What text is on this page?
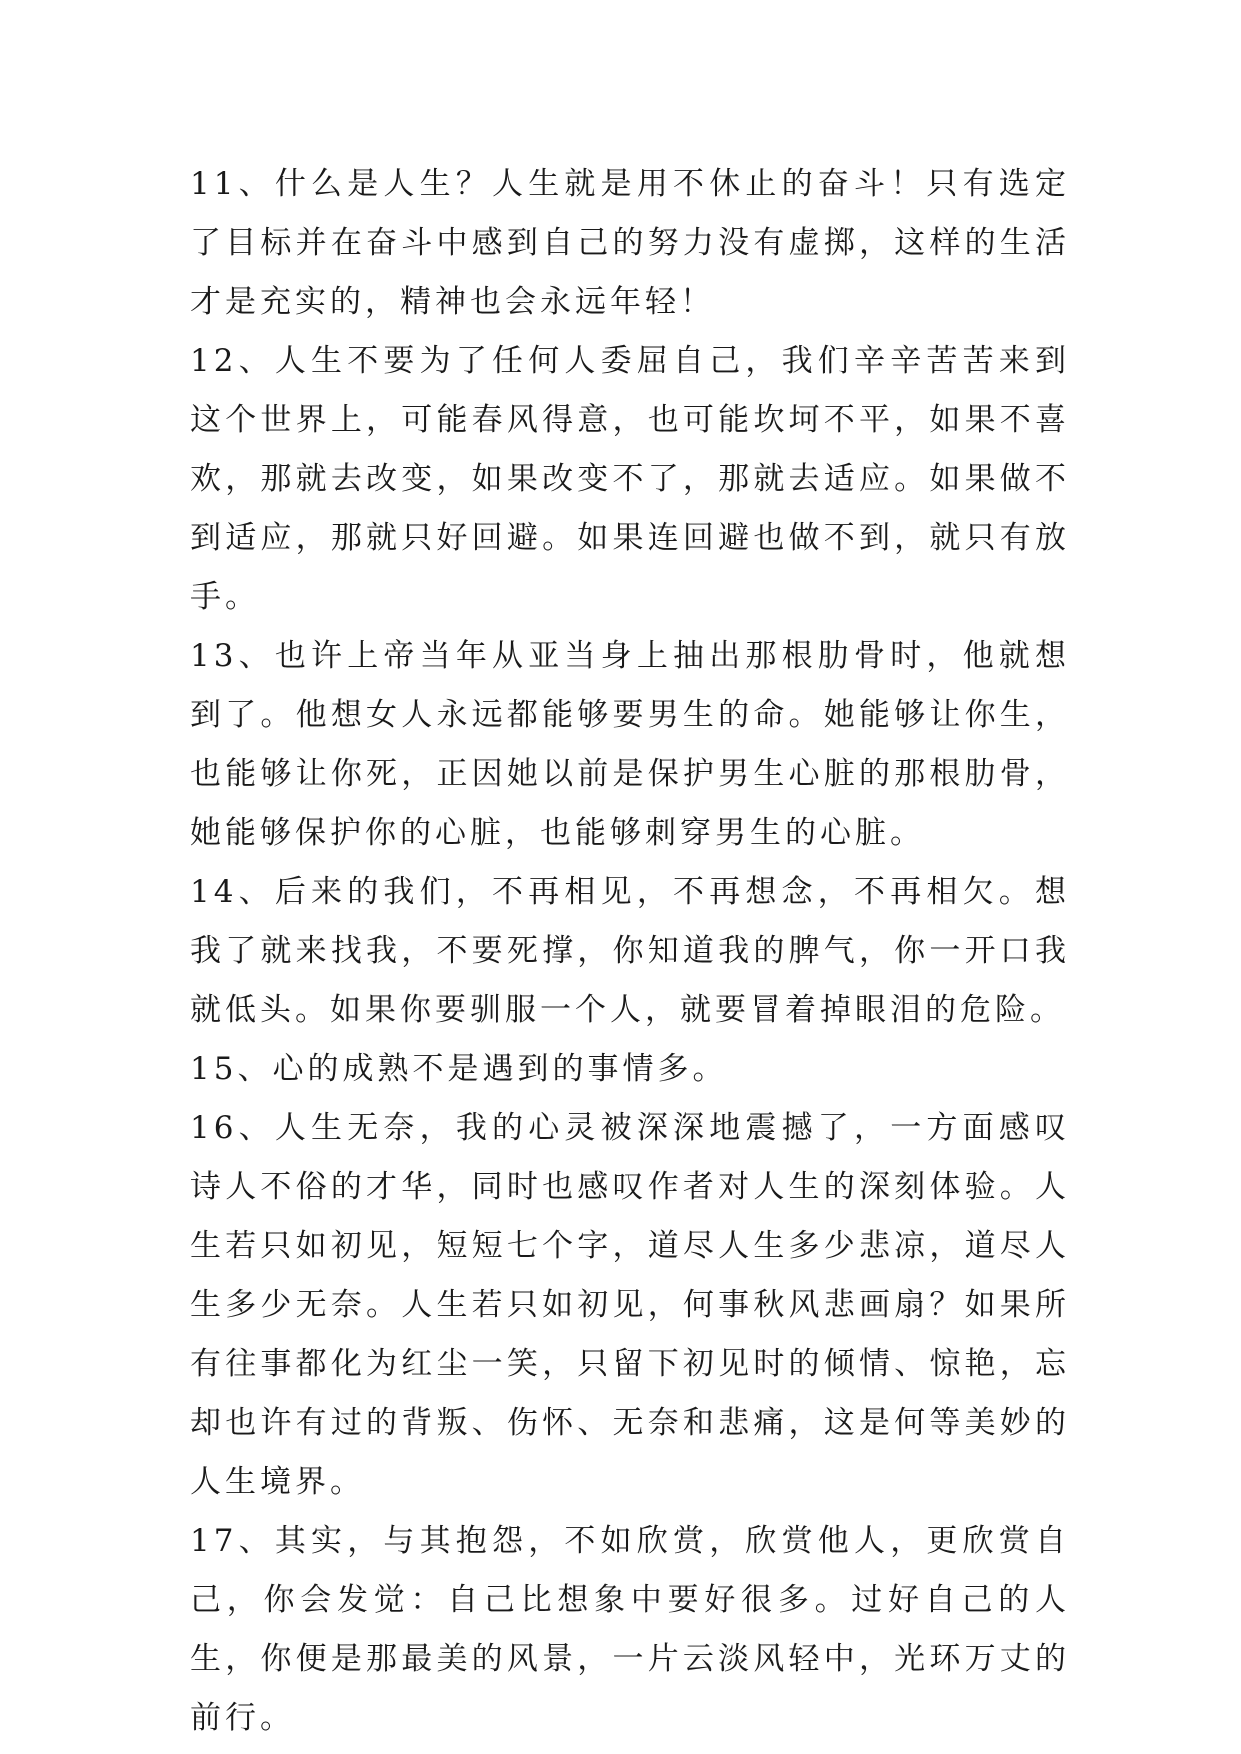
11、什么是人生？人生就是用不休止的奋斗！只有选定了目标并在奋斗中感到自己的努力没有虚掷，这样的生活才是充实的，精神也会永远年轻！

12、人生不要为了任何人委屈自己，我们辛辛苦苦来到这个世界上，可能春风得意，也可能坎坷不平，如果不喜欢，那就去改变，如果改变不了，那就去适应。如果做不到适应，那就只好回避。如果连回避也做不到，就只有放手。

13、也许上帝当年从亚当身上抽出那根肋骨时，他就想到了。他想女人永远都能够要男生的命。她能够让你生，也能够让你死，正因她以前是保护男生心脏的那根肋骨，她能够保护你的心脏，也能够刺穿男生的心脏。

14、后来的我们，不再相见，不再想念，不再相欠。想我了就来找我，不要死撑，你知道我的脾气，你一开口我就低头。如果你要驯服一个人，就要冒着掉眼泪的危险。

15、心的成熟不是遇到的事情多。

16、人生无奈，我的心灵被深深地震撼了，一方面感叹诗人不俗的才华，同时也感叹作者对人生的深刻体验。人生若只如初见，短短七个字，道尽人生多少悲凉，道尽人生多少无奈。人生若只如初见，何事秋风悲画扇？如果所有往事都化为红尘一笑，只留下初见时的倾情、惊艳，忘却也许有过的背叛、伤怀、无奈和悲痛，这是何等美妙的人生境界。

17、其实，与其抱怨，不如欣赏，欣赏他人，更欣赏自己，你会发觉：自己比想象中要好很多。过好自己的人生，你便是那最美的风景，一片云淡风轻中，光环万丈的前行。
